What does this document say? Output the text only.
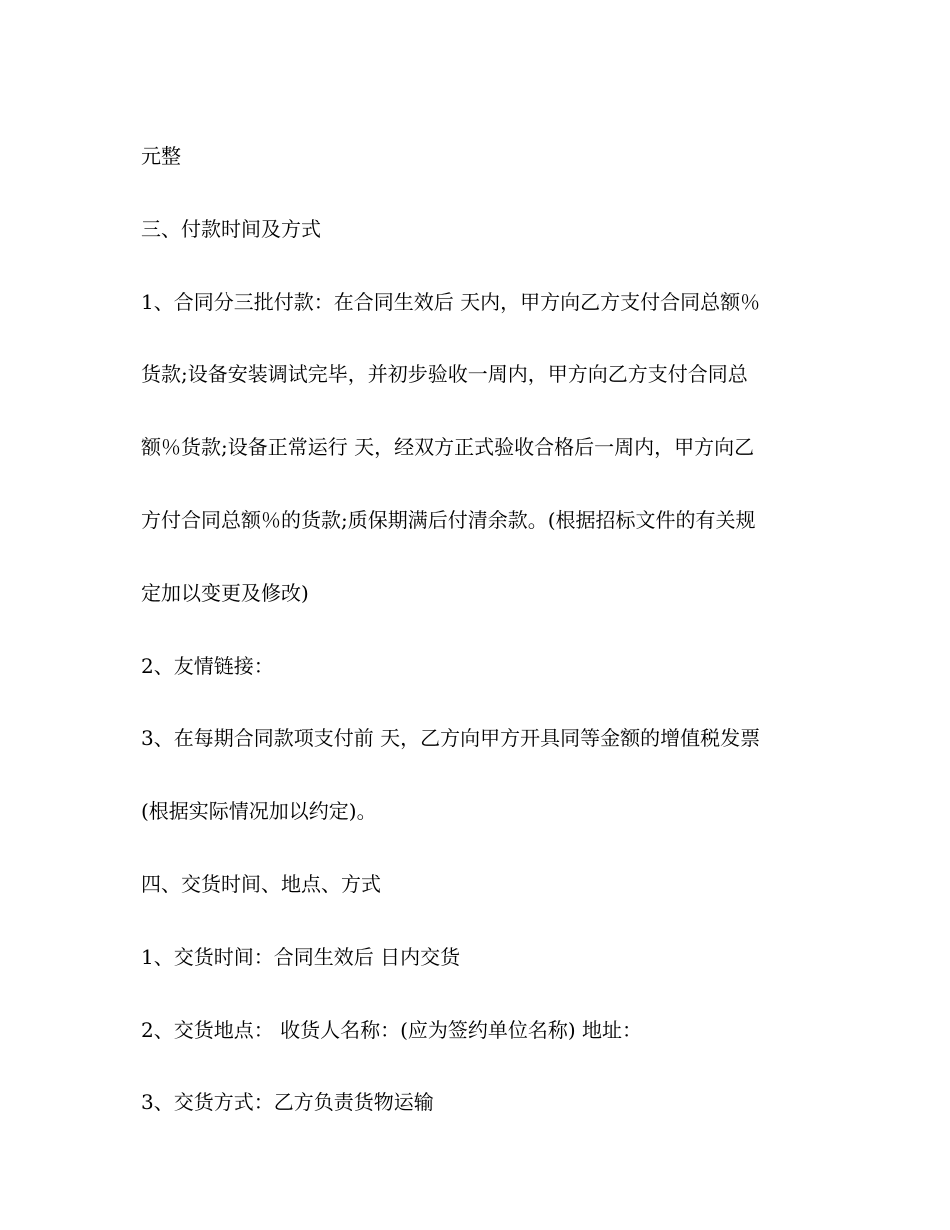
元整
三、付款时间及方式
1、合同分三批付款：在合同生效后 天内，甲方向乙方支付合同总额％
货款;设备安装调试完毕，并初步验收一周内，甲方向乙方支付合同总
额％货款;设备正常运行 天，经双方正式验收合格后一周内，甲方向乙
方付合同总额％的货款;质保期满后付清余款。(根据招标文件的有关规
定加以变更及修改)
2、友情链接：
3、在每期合同款项支付前 天，乙方向甲方开具同等金额的增值税发票
(根据实际情况加以约定)。
四、交货时间、地点、方式
1、交货时间：合同生效后 日内交货
2、交货地点： 收货人名称：(应为签约单位名称) 地址：
3、交货方式：乙方负责货物运输
